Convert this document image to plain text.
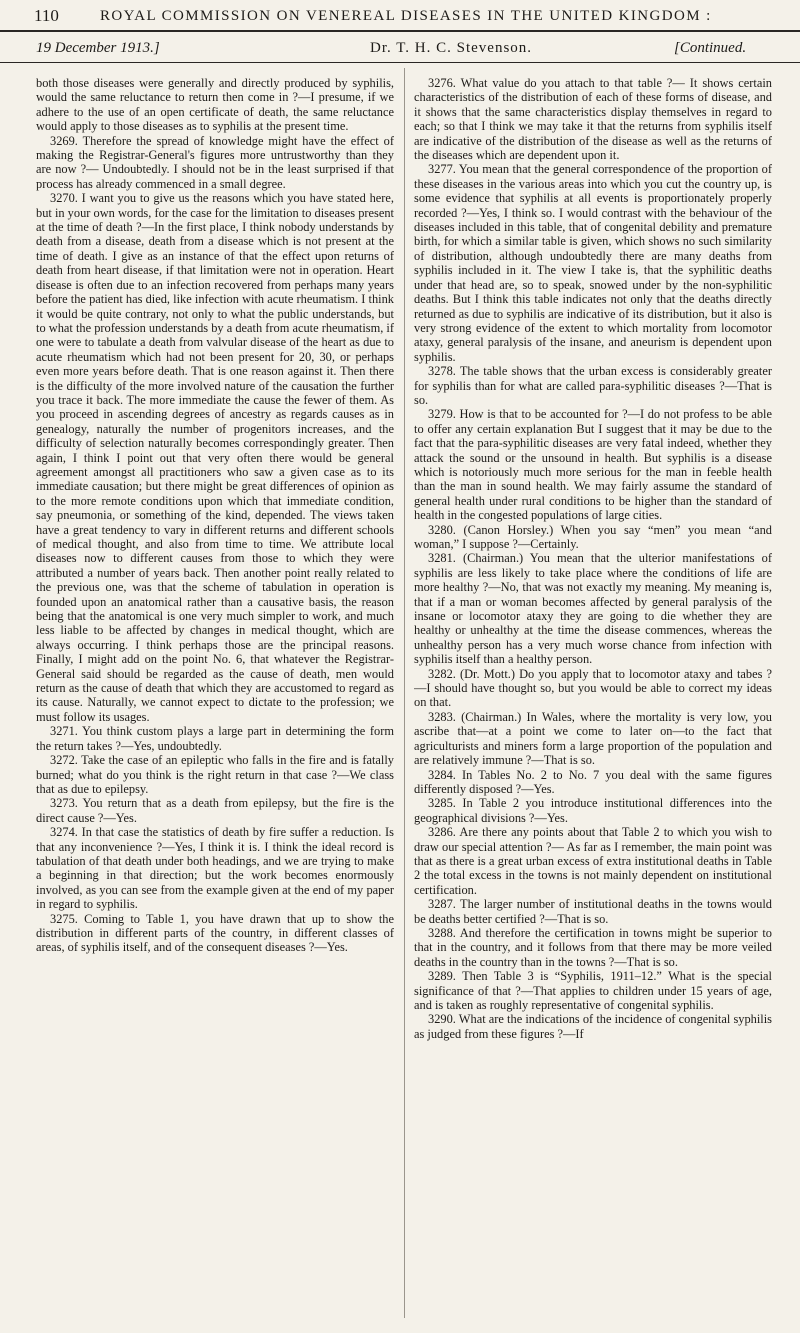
110	ROYAL COMMISSION ON VENEREAL DISEASES IN THE UNITED KINGDOM :
19 December 1913.]	Dr. T. H. C. Stevenson.	[Continued.

both those diseases were generally and directly produced by syphilis, would the same reluctance to return then come in ?—I presume, if we adhere to the use of an open certificate of death, the same reluctance would apply to those diseases as to syphilis at the present time.

3269. Therefore the spread of knowledge might have the effect of making the Registrar-General's figures more untrustworthy than they are now ?— Undoubtedly. I should not be in the least surprised if that process has already commenced in a small degree.

3270. I want you to give us the reasons which you have stated here, but in your own words, for the case for the limitation to diseases present at the time of death ?—In the first place, I think nobody understands by death from a disease, death from a disease which is not present at the time of death. I give as an instance of that the effect upon returns of death from heart disease, if that limitation were not in operation. Heart disease is often due to an infection recovered from perhaps many years before the patient has died, like infection with acute rheumatism. I think it would be quite contrary, not only to what the public understands, but to what the profession understands by a death from acute rheumatism, if one were to tabulate a death from valvular disease of the heart as due to acute rheumatism which had not been present for 20, 30, or perhaps even more years before death. That is one reason against it. Then there is the difficulty of the more involved nature of the causation the further you trace it back. The more immediate the cause the fewer of them. As you proceed in ascending degrees of ancestry as regards causes as in genealogy, naturally the number of progenitors increases, and the difficulty of selection naturally becomes correspondingly greater. Then again, I think I point out that very often there would be general agreement amongst all practitioners who saw a given case as to its immediate causation; but there might be great differences of opinion as to the more remote conditions upon which that immediate condition, say pneumonia, or something of the kind, depended. The views taken have a great tendency to vary in different returns and different schools of medical thought, and also from time to time. We attribute local diseases now to different causes from those to which they were attributed a number of years back. Then another point really related to the previous one, was that the scheme of tabulation in operation is founded upon an anatomical rather than a causative basis, the reason being that the anatomical is one very much simpler to work, and much less liable to be affected by changes in medical thought, which are always occurring. I think perhaps those are the principal reasons. Finally, I might add on the point No. 6, that whatever the Registrar-General said should be regarded as the cause of death, men would return as the cause of death that which they are accustomed to regard as its cause. Naturally, we cannot expect to dictate to the profession; we must follow its usages.

3271. You think custom plays a large part in determining the form the return takes ?—Yes, undoubtedly.

3272. Take the case of an epileptic who falls in the fire and is fatally burned; what do you think is the right return in that case ?—We class that as due to epilepsy.

3273. You return that as a death from epilepsy, but the fire is the direct cause ?—Yes.

3274. In that case the statistics of death by fire suffer a reduction. Is that any inconvenience ?—Yes, I think it is. I think the ideal record is tabulation of that death under both headings, and we are trying to make a beginning in that direction; but the work becomes enormously involved, as you can see from the example given at the end of my paper in regard to syphilis.

3275. Coming to Table 1, you have drawn that up to show the distribution in different parts of the country, in different classes of areas, of syphilis itself, and of the consequent diseases ?—Yes.

3276. What value do you attach to that table ?— It shows certain characteristics of the distribution of each of these forms of disease, and it shows that the same characteristics display themselves in regard to each; so that I think we may take it that the returns from syphilis itself are indicative of the distribution of the disease as well as the returns of the diseases which are dependent upon it.

3277. You mean that the general correspondence of the proportion of these diseases in the various areas into which you cut the country up, is some evidence that syphilis at all events is proportionately properly recorded ?—Yes, I think so. I would contrast with the behaviour of the diseases included in this table, that of congenital debility and premature birth, for which a similar table is given, which shows no such similarity of distribution, although undoubtedly there are many deaths from syphilis included in it. The view I take is, that the syphilitic deaths under that head are, so to speak, snowed under by the non-syphilitic deaths. But I think this table indicates not only that the deaths directly returned as due to syphilis are indicative of its distribution, but it also is very strong evidence of the extent to which mortality from locomotor ataxy, general paralysis of the insane, and aneurism is dependent upon syphilis.

3278. The table shows that the urban excess is considerably greater for syphilis than for what are called para-syphilitic diseases ?—That is so.

3279. How is that to be accounted for ?—I do not profess to be able to offer any certain explanation But I suggest that it may be due to the fact that the para-syphilitic diseases are very fatal indeed, whether they attack the sound or the unsound in health. But syphilis is a disease which is notoriously much more serious for the man in feeble health than the man in sound health. We may fairly assume the standard of general health under rural conditions to be higher than the standard of health in the congested populations of large cities.

3280. (Canon Horsley.) When you say “men” you mean “and woman,” I suppose ?—Certainly.

3281. (Chairman.) You mean that the ulterior manifestations of syphilis are less likely to take place where the conditions of life are more healthy ?—No, that was not exactly my meaning. My meaning is, that if a man or woman becomes affected by general paralysis of the insane or locomotor ataxy they are going to die whether they are healthy or unhealthy at the time the disease commences, whereas the unhealthy person has a very much worse chance from infection with syphilis itself than a healthy person.

3282. (Dr. Mott.) Do you apply that to locomotor ataxy and tabes ?—I should have thought so, but you would be able to correct my ideas on that.

3283. (Chairman.) In Wales, where the mortality is very low, you ascribe that—at a point we come to later on—to the fact that agriculturists and miners form a large proportion of the population and are relatively immune ?—That is so.

3284. In Tables No. 2 to No. 7 you deal with the same figures differently disposed ?—Yes.

3285. In Table 2 you introduce institutional differences into the geographical divisions ?—Yes.

3286. Are there any points about that Table 2 to which you wish to draw our special attention ?— As far as I remember, the main point was that as there is a great urban excess of extra institutional deaths in Table 2 the total excess in the towns is not mainly dependent on institutional certification.

3287. The larger number of institutional deaths in the towns would be deaths better certified ?—That is so.

3288. And therefore the certification in towns might be superior to that in the country, and it follows from that there may be more veiled deaths in the country than in the towns ?—That is so.

3289. Then Table 3 is “Syphilis, 1911–12.” What is the special significance of that ?—That applies to children under 15 years of age, and is taken as roughly representative of congenital syphilis.

3290. What are the indications of the incidence of congenital syphilis as judged from these figures ?—If
